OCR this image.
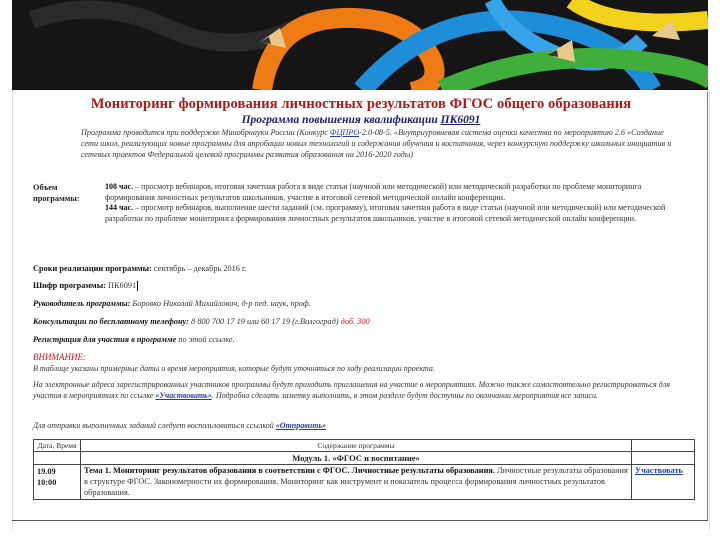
Мониторинг формирования личностных результатов ФГОС общего образования
Программа повышения квалификации ПК6091
Программа проводится при поддержке Минобрнауки России (Конкурс ФЦПРО-2.0-08-5. «Внутриуровневая система оценки качества по мероприятию 2.6 «Создание сети школ, реализующих новые программы для апробации новых технологий и содержания обучения и воспитания, через конкурсную поддержку школьных инициатив и сетевых проектов Федеральной целевой программы развития образования на 2016-2020 годы)
Объем программы:
108 час. – просмотр вебинаров, итоговая зачетная работа в виде статьи (научной или методической) или методической разработки по проблеме мониторинга формирования личностных результатов школьников, участие в итоговой сетевой методической онлайн конференции.
144 час. – просмотр вебинаров, выполнение шести заданий (см. программу), итоговая зачетная работа в виде статьи (научной или методической) или методической разработки по проблеме мониторинга формирования личностных результатов школьников, участие в итоговой сетевой методической онлайн конференции.
Сроки реализации программы: сентябрь – декабрь 2016 г.
Шифр программы: ПК6091
Руководитель программы: Боровко Николай Михайлович, д-р пед. наук, проф.
Консультации по бесплатному телефону: 8 800 700 17 19 или 60 17 19 (г.Волгоград) доб. 300
Регистрация для участия в программе по этой ссылке.
ВНИМАНИЕ:
В таблице указаны примерные даты и время мероприятия, которые будут уточняться по ходу реализации проекта.
На электронные адреса зарегистрированных участников программы будут приходить приглашения на участие в мероприятиях. Можно также самостоятельно регистрироваться для участия в мероприятиях по ссылке «Участвовать». Подробно сделать заметку выполнить, в этом разделе будут доступны по окончании мероприятия все записи.
Для отправки выполненных заданий следует воспользоваться ссылкой «Отправить»
Дата, Время	Содержание программы	
	Модуль 1. «ФГОС и воспитание»	

19.09
10:00	Тема 1. Мониторинг результатов образования в соответствии с ФГОС. Личностные результаты образования. Личностные результаты образования в структуре ФГОС. Закономерности их формирования. Мониторинг как инструмент и показатель процесса формирования личностных результатов образования.	Участвовать
